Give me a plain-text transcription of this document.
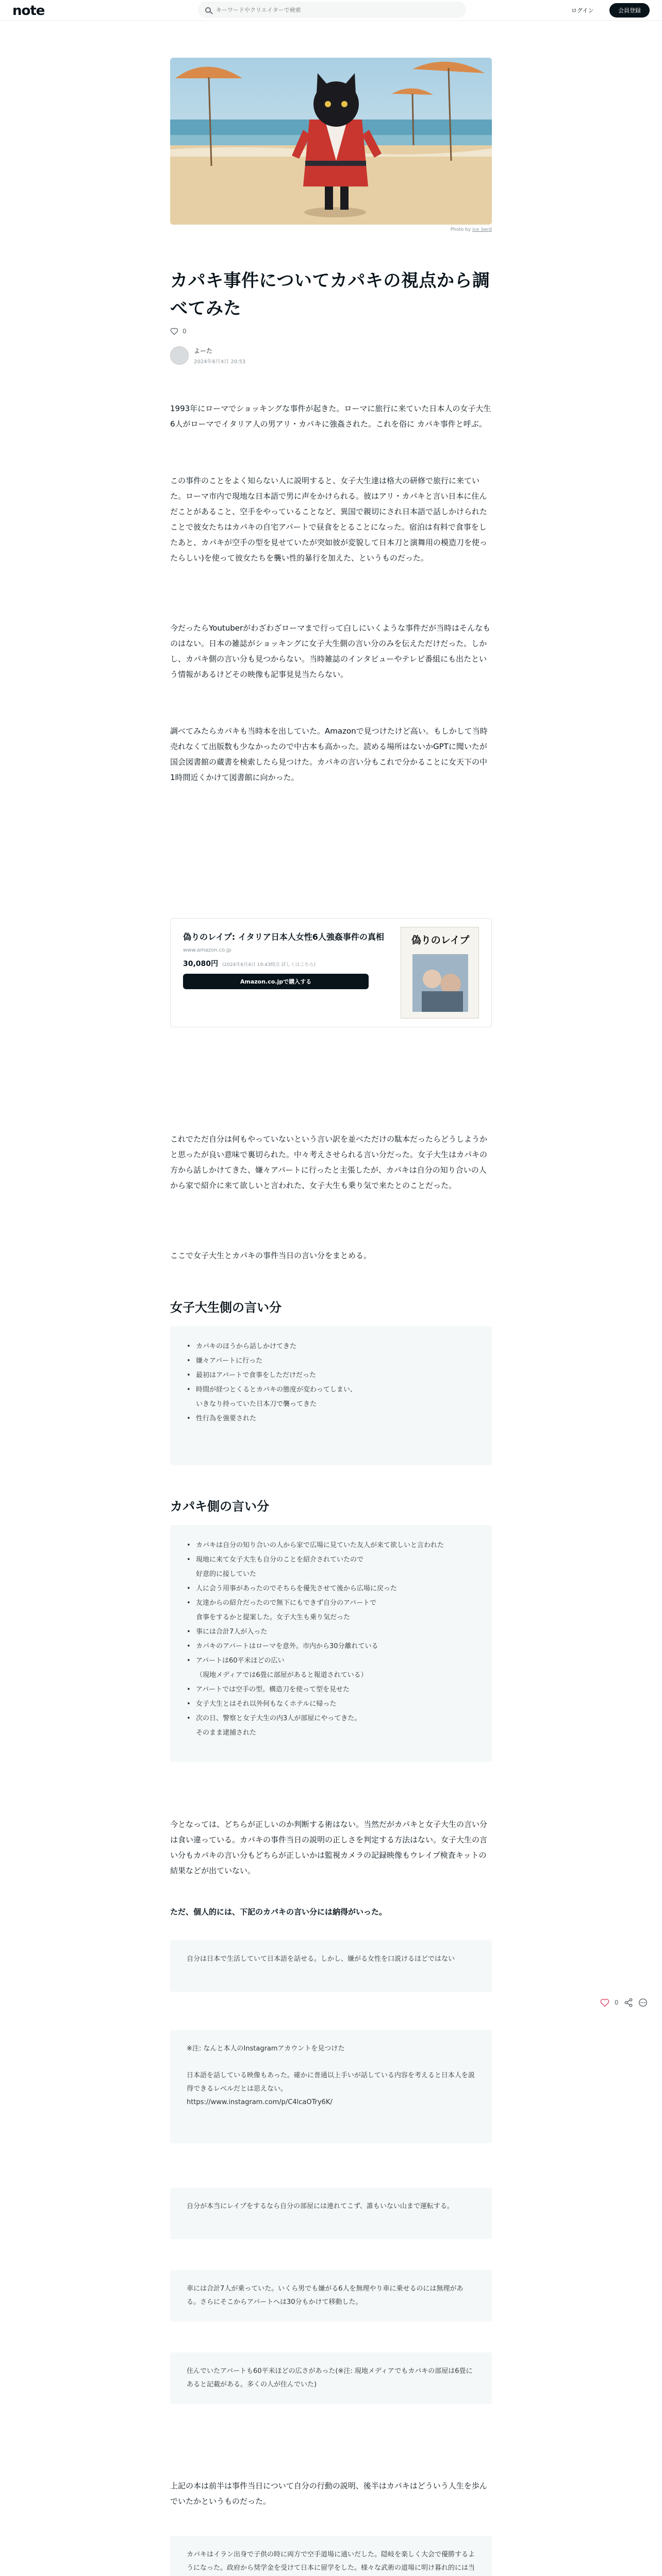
note
キーワードやクリエイターで検索	ログイン	会員登録
Photo by ice_berd
カパキ事件についてカパキの視点から調べてみた
0
よーた
2024年6月4日 20:53

1993年にローマでショッキングな事件が起きた。ローマに旅行に来ていた日本人の女子大生6人がローマでイタリア人の男アリ・カパキに強姦された。これを俗に カパキ事件と呼ぶ。

この事件のことをよく知らない人に説明すると、女子大生達は格大の研修で旅行に来ていた。ローマ市内で現地な日本語で男に声をかけられる。彼はアリ・カパキと言い日本に住んだことがあること、空手をやっていることなど、異国で親切にされ日本語で話しかけられたことで彼女たちはカパキの自宅アパートで昼食をとることになった。宿泊は有料で食事をしたあと、カパキが空手の型を見せていたが突如彼が変貌して日本刀と演舞用の模造刀を使ったらしい)を使って彼女たちを襲い性的暴行を加えた、というものだった。

今だったらYoutuberがわざわざローマまで行って白しにいくような事件だが当時はそんなものはない。日本の雑誌がショッキングに女子大生側の言い分のみを伝えただけだった。しかし、カパキ側の言い分も見つからない。当時雑誌のインタビューやテレビ番組にも出たという情報があるけどその映像も記事見見当たらない。

調べてみたらカパキも当時本を出していた。Amazonで見つけたけど高い。もしかして当時売れなくて出版数も少なかったので中古本も高かった。読める場所はないかGPTに聞いたが国会図書館の蔵書を検索したら見つけた。カパキの言い分もこれで分かることに女天下の中1時間近くかけて図書館に向かった。

偽りのレイプ: イタリア日本人女性6人強姦事件の真相
www.amazon.co.jp
30,080円 (2024年6月4日 19:43時点 詳しくはこちら)
Amazon.co.jpで購入する
偽りのレイプ

これでただ自分は何もやっていないという言い訳を並べただけの駄本だったらどうしようかと思ったが良い意味で裏切られた。中々考えさせられる言い分だった。女子大生はカパキの方から話しかけてきた、嫌々アパートに行ったと主張したが、カパキは自分の知り合いの人から家で紹介に来て欲しいと言われた、女子大生も乗り気で来たとのことだった。

ここで女子大生とカパキの事件当日の言い分をまとめる。

女子大生側の言い分
• カパキのほうから話しかけてきた
• 嫌々アパートに行った
• 最初はアパートで食事をしただけだった
• 時間が経つとくるとカパキの態度が変わってしまい、
いきなり持っていた日本刀で襲ってきた
• 性行為を強要された
カパキ側の言い分
• カパキは自分の知り合いの人から家で広場に見ていた友人が来て欲しいと言われた
• 現地に来て女子大生も自分のことを紹介されていたので
好意的に接していた
• 人に会う用事があったのでそちらを優先させて後から広場に戻った
• 友達からの紹介だったので無下にもできず自分のアパートで
食事をするかと提案した。女子大生も乗り気だった
• 事には合計7人が入った
• カパキのアパートはローマを意外。市内から30分離れている
• アパートは60平米ほどの広い
（現地メディアでは6畳に部屋があると報道されている）
• アパートでは空手の型。構造刀を使って型を見せた
• 女子大生とはそれ以外何もなくホテルに帰った
• 次の日、警察と女子大生の内3人が部屋にやってきた。
そのまま逮捕された

今となっては、どちらが正しいのか判断する術はない。当然だがカパキと女子大生の言い分は食い違っている。カパキの事件当日の説明の正しさを判定する方法はない。女子大生の言い分もカパキの言い分もどちらが正しいかは監視カメラの記録映像もウレイプ検査キットの結果などが出ていない。

ただ、個人的には、下記のカパキの言い分には納得がいった。

自分は日本で生活していて日本語を話せる。しかし、嫌がる女性を口説けるほどではない
※注: なんと本人のInstagramアカウントを見つけた
日本語を話している映像もあった。確かに普通以上手いが話している内容を考えると日本人を説得できるレベルだとは思えない。
https://www.instagram.com/p/C4lcaOTry6K/
自分が本当にレイプをするなら自分の部屋には連れてこず、誰もいない山まで運転する。
車には合計7人が乗っていた。いくら男でも嫌がる6人を無理やり車に乗せるのには無理がある。さらにそこからアパートへは30分もかけて移動した。
住んでいたアパートも60平米ほどの広さがあった(※注: 現地メディアでもカパキの部屋は6畳にあると記載がある。多くの人が住んでいた)

上記の本は前半は事件当日について自分の行動の説明、後半はカパキはどういう人生を歩んでいたかというものだった。

カパキはイラン出身で子供の時に両方で空手道場に通いだした。隠岐を楽しく大会で優勝するようになった。政府から奨学金を受けて日本に留学をした。様々な武術の道場に明け暮れ的には当

0
